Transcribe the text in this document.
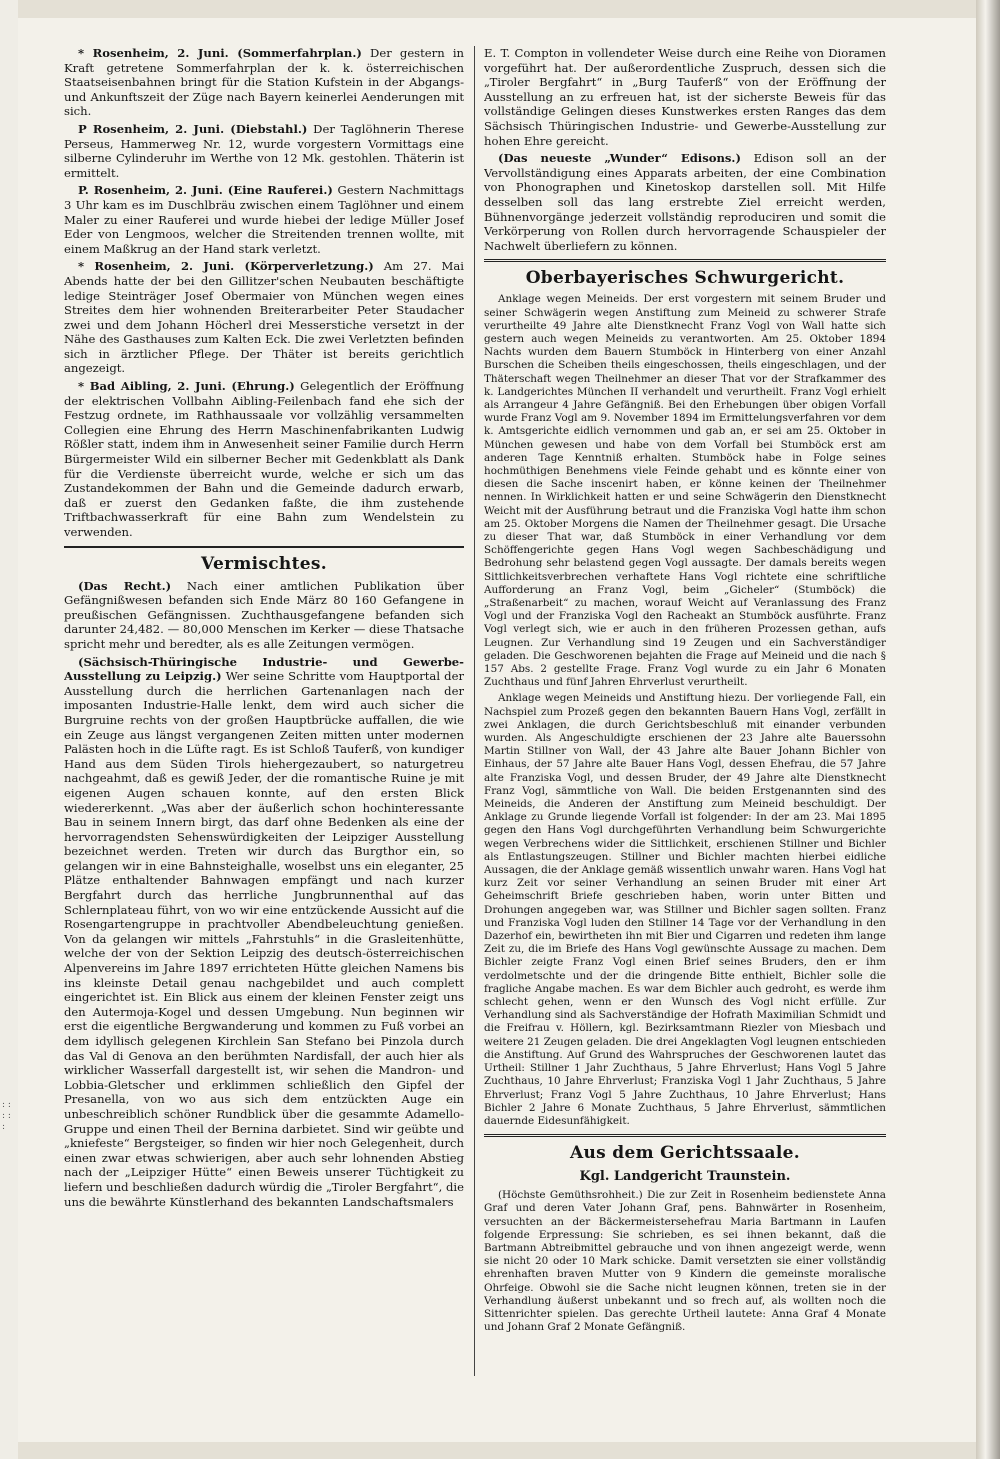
: : : : :

* Rosenheim, 2. Juni. (Sommerfahrplan.) Der gestern in Kraft getretene Sommerfahrplan der k. k. österreichischen Staatseisenbahnen bringt für die Station Kufstein in der Abgangs- und Ankunftszeit der Züge nach Bayern keinerlei Aenderungen mit sich.

P Rosenheim, 2. Juni. (Diebstahl.) Der Taglöhnerin Therese Perseus, Hammerweg Nr. 12, wurde vorgestern Vormittags eine silberne Cylinderuhr im Werthe von 12 Mk. gestohlen. Thäterin ist ermittelt.

P. Rosenheim, 2. Juni. (Eine Rauferei.) Gestern Nachmittags 3 Uhr kam es im Duschlbräu zwischen einem Taglöhner und einem Maler zu einer Rauferei und wurde hiebei der ledige Müller Josef Eder von Lengmoos, welcher die Streitenden trennen wollte, mit einem Maßkrug an der Hand stark verletzt.

* Rosenheim, 2. Juni. (Körperverletzung.) Am 27. Mai Abends hatte der bei den Gillitzer'schen Neubauten beschäftigte ledige Steinträger Josef Obermaier von München wegen eines Streites dem hier wohnenden Breiterarbeiter Peter Staudacher zwei und dem Johann Höcherl drei Messerstiche versetzt in der Nähe des Gasthauses zum Kalten Eck. Die zwei Verletzten befinden sich in ärztlicher Pflege. Der Thäter ist bereits gerichtlich angezeigt.

* Bad Aibling, 2. Juni. (Ehrung.) Gelegentlich der Eröffnung der elektrischen Vollbahn Aibling-Feilenbach fand ehe sich der Festzug ordnete, im Rathhaussaale vor vollzählig versammelten Collegien eine Ehrung des Herrn Maschinenfabrikanten Ludwig Rößler statt, indem ihm in Anwesenheit seiner Familie durch Herrn Bürgermeister Wild ein silberner Becher mit Gedenkblatt als Dank für die Verdienste überreicht wurde, welche er sich um das Zustandekommen der Bahn und die Gemeinde dadurch erwarb, daß er zuerst den Gedanken faßte, die ihm zustehende Triftbachwasserkraft für eine Bahn zum Wendelstein zu verwenden.

Vermischtes.

(Das Recht.) Nach einer amtlichen Publikation über Gefängnißwesen befanden sich Ende März 80 160 Gefangene in preußischen Gefängnissen. Zuchthausgefangene befanden sich darunter 24,482. — 80,000 Menschen im Kerker — diese Thatsache spricht mehr und beredter, als es alle Zeitungen vermögen.

(Sächsisch-Thüringische Industrie- und Gewerbe-Ausstellung zu Leipzig.) Wer seine Schritte vom Hauptportal der Ausstellung durch die herrlichen Gartenanlagen nach der imposanten Industrie-Halle lenkt, dem wird auch sicher die Burgruine rechts von der großen Hauptbrücke auffallen, die wie ein Zeuge aus längst vergangenen Zeiten mitten unter modernen Palästen hoch in die Lüfte ragt. Es ist Schloß Tauferß, von kundiger Hand aus dem Süden Tirols hiehergezaubert, so naturgetreu nachgeahmt, daß es gewiß Jeder, der die romantische Ruine je mit eigenen Augen schauen konnte, auf den ersten Blick wiedererkennt. „Was aber der äußerlich schon hochinteressante Bau in seinem Innern birgt, das darf ohne Bedenken als eine der hervorragendsten Sehenswürdigkeiten der Leipziger Ausstellung bezeichnet werden. Treten wir durch das Burgthor ein, so gelangen wir in eine Bahnsteighalle, woselbst uns ein eleganter, 25 Plätze enthaltender Bahnwagen empfängt und nach kurzer Bergfahrt durch das herrliche Jungbrunnenthal auf das Schlernplateau führt, von wo wir eine entzückende Aussicht auf die Rosengartengruppe in prachtvoller Abendbeleuchtung genießen. Von da gelangen wir mittels „Fahrstuhls“ in die Grasleitenhütte, welche der von der Sektion Leipzig des deutsch-österreichischen Alpenvereins im Jahre 1897 errichteten Hütte gleichen Namens bis ins kleinste Detail genau nachgebildet und auch complett eingerichtet ist. Ein Blick aus einem der kleinen Fenster zeigt uns den Autermoja-Kogel und dessen Umgebung. Nun beginnen wir erst die eigentliche Bergwanderung und kommen zu Fuß vorbei an dem idyllisch gelegenen Kirchlein San Stefano bei Pinzola durch das Val di Genova an den berühmten Nardisfall, der auch hier als wirklicher Wasserfall dargestellt ist, wir sehen die Mandron- und Lobbia-Gletscher und erklimmen schließlich den Gipfel der Presanella, von wo aus sich dem entzückten Auge ein unbeschreiblich schöner Rundblick über die gesammte Adamello-Gruppe und einen Theil der Bernina darbietet. Sind wir geübte und „kniefeste“ Bergsteiger, so finden wir hier noch Gelegenheit, durch einen zwar etwas schwierigen, aber auch sehr lohnenden Abstieg nach der „Leipziger Hütte“ einen Beweis unserer Tüchtigkeit zu liefern und beschließen dadurch würdig die „Tiroler Bergfahrt“, die uns die bewährte Künstlerhand des bekannten Landschaftsmalers

E. T. Compton in vollendeter Weise durch eine Reihe von Dioramen vorgeführt hat. Der außerordentliche Zuspruch, dessen sich die „Tiroler Bergfahrt“ in „Burg Tauferß“ von der Eröffnung der Ausstellung an zu erfreuen hat, ist der sicherste Beweis für das vollständige Gelingen dieses Kunstwerkes ersten Ranges das dem Sächsisch Thüringischen Industrie- und Gewerbe-Ausstellung zur hohen Ehre gereicht.

(Das neueste „Wunder“ Edisons.) Edison soll an der Vervollständigung eines Apparats arbeiten, der eine Combination von Phonographen und Kinetoskop darstellen soll. Mit Hilfe desselben soll das lang erstrebte Ziel erreicht werden, Bühnenvorgänge jederzeit vollständig reproduciren und somit die Verkörperung von Rollen durch hervorragende Schauspieler der Nachwelt überliefern zu können.

Oberbayerisches Schwurgericht.

Anklage wegen Meineids. Der erst vorgestern mit seinem Bruder und seiner Schwägerin wegen Anstiftung zum Meineid zu schwerer Strafe verurtheilte 49 Jahre alte Dienstknecht Franz Vogl von Wall hatte sich gestern auch wegen Meineids zu verantworten. Am 25. Oktober 1894 Nachts wurden dem Bauern Stumböck in Hinterberg von einer Anzahl Burschen die Scheiben theils eingeschossen, theils eingeschlagen, und der Thäterschaft wegen Theilnehmer an dieser That vor der Strafkammer des k. Landgerichtes München II verhandelt und verurtheilt. Franz Vogl erhielt als Arrangeur 4 Jahre Gefängniß. Bei den Erhebungen über obigen Vorfall wurde Franz Vogl am 9. November 1894 im Ermittelungsverfahren vor dem k. Amtsgerichte eidlich vernommen und gab an, er sei am 25. Oktober in München gewesen und habe von dem Vorfall bei Stumböck erst am anderen Tage Kenntniß erhalten. Stumböck habe in Folge seines hochmüthigen Benehmens viele Feinde gehabt und es könnte einer von diesen die Sache inscenirt haben, er könne keinen der Theilnehmer nennen. In Wirklichkeit hatten er und seine Schwägerin den Dienstknecht Weicht mit der Ausführung betraut und die Franziska Vogl hatte ihm schon am 25. Oktober Morgens die Namen der Theilnehmer gesagt. Die Ursache zu dieser That war, daß Stumböck in einer Verhandlung vor dem Schöffengerichte gegen Hans Vogl wegen Sachbeschädigung und Bedrohung sehr belastend gegen Vogl aussagte. Der damals bereits wegen Sittlichkeitsverbrechen verhaftete Hans Vogl richtete eine schriftliche Aufforderung an Franz Vogl, beim „Gicheler“ (Stumböck) die „Straßenarbeit“ zu machen, worauf Weicht auf Veranlassung des Franz Vogl und der Franziska Vogl den Racheakt an Stumböck ausführte. Franz Vogl verlegt sich, wie er auch in den früheren Prozessen gethan, aufs Leugnen. Zur Verhandlung sind 19 Zeugen und ein Sachverständiger geladen. Die Geschworenen bejahten die Frage auf Meineid und die nach § 157 Abs. 2 gestellte Frage. Franz Vogl wurde zu ein Jahr 6 Monaten Zuchthaus und fünf Jahren Ehrverlust verurtheilt.

Anklage wegen Meineids und Anstiftung hiezu. Der vorliegende Fall, ein Nachspiel zum Prozeß gegen den bekannten Bauern Hans Vogl, zerfällt in zwei Anklagen, die durch Gerichtsbeschluß mit einander verbunden wurden. Als Angeschuldigte erschienen der 23 Jahre alte Bauerssohn Martin Stillner von Wall, der 43 Jahre alte Bauer Johann Bichler von Einhaus, der 57 Jahre alte Bauer Hans Vogl, dessen Ehefrau, die 57 Jahre alte Franziska Vogl, und dessen Bruder, der 49 Jahre alte Dienstknecht Franz Vogl, sämmtliche von Wall. Die beiden Erstgenannten sind des Meineids, die Anderen der Anstiftung zum Meineid beschuldigt. Der Anklage zu Grunde liegende Vorfall ist folgender: In der am 23. Mai 1895 gegen den Hans Vogl durchgeführten Verhandlung beim Schwurgerichte wegen Verbrechens wider die Sittlichkeit, erschienen Stillner und Bichler als Entlastungszeugen. Stillner und Bichler machten hierbei eidliche Aussagen, die der Anklage gemäß wissentlich unwahr waren. Hans Vogl hat kurz Zeit vor seiner Verhandlung an seinen Bruder mit einer Art Geheimschrift Briefe geschrieben haben, worin unter Bitten und Drohungen angegeben war, was Stillner und Bichler sagen sollten. Franz und Franziska Vogl luden den Stillner 14 Tage vor der Verhandlung in den Dazerhof ein, bewirtheten ihn mit Bier und Cigarren und redeten ihm lange Zeit zu, die im Briefe des Hans Vogl gewünschte Aussage zu machen. Dem Bichler zeigte Franz Vogl einen Brief seines Bruders, den er ihm verdolmetschte und der die dringende Bitte enthielt, Bichler solle die fragliche Angabe machen. Es war dem Bichler auch gedroht, es werde ihm schlecht gehen, wenn er den Wunsch des Vogl nicht erfülle. Zur Verhandlung sind als Sachverständige der Hofrath Maximilian Schmidt und die Freifrau v. Höllern, kgl. Bezirksamtmann Riezler von Miesbach und weitere 21 Zeugen geladen. Die drei Angeklagten Vogl leugnen entschieden die Anstiftung. Auf Grund des Wahrspruches der Geschworenen lautet das Urtheil: Stillner 1 Jahr Zuchthaus, 5 Jahre Ehrverlust; Hans Vogl 5 Jahre Zuchthaus, 10 Jahre Ehrverlust; Franziska Vogl 1 Jahr Zuchthaus, 5 Jahre Ehrverlust; Franz Vogl 5 Jahre Zuchthaus, 10 Jahre Ehrverlust; Hans Bichler 2 Jahre 6 Monate Zuchthaus, 5 Jahre Ehrverlust, sämmtlichen dauernde Eidesunfähigkeit.

Aus dem Gerichtssaale.
Kgl. Landgericht Traunstein.

(Höchste Gemüthsrohheit.) Die zur Zeit in Rosenheim bedienstete Anna Graf und deren Vater Johann Graf, pens. Bahnwärter in Rosenheim, versuchten an der Bäckermeistersehefrau Maria Bartmann in Laufen folgende Erpressung: Sie schrieben, es sei ihnen bekannt, daß die Bartmann Abtreibmittel gebrauche und von ihnen angezeigt werde, wenn sie nicht 20 oder 10 Mark schicke. Damit versetzten sie einer vollständig ehrenhaften braven Mutter von 9 Kindern die gemeinste moralische Ohrfeige. Obwohl sie die Sache nicht leugnen können, treten sie in der Verhandlung äußerst unbekannt und so frech auf, als wollten noch die Sittenrichter spielen. Das gerechte Urtheil lautete: Anna Graf 4 Monate und Johann Graf 2 Monate Gefängniß.
